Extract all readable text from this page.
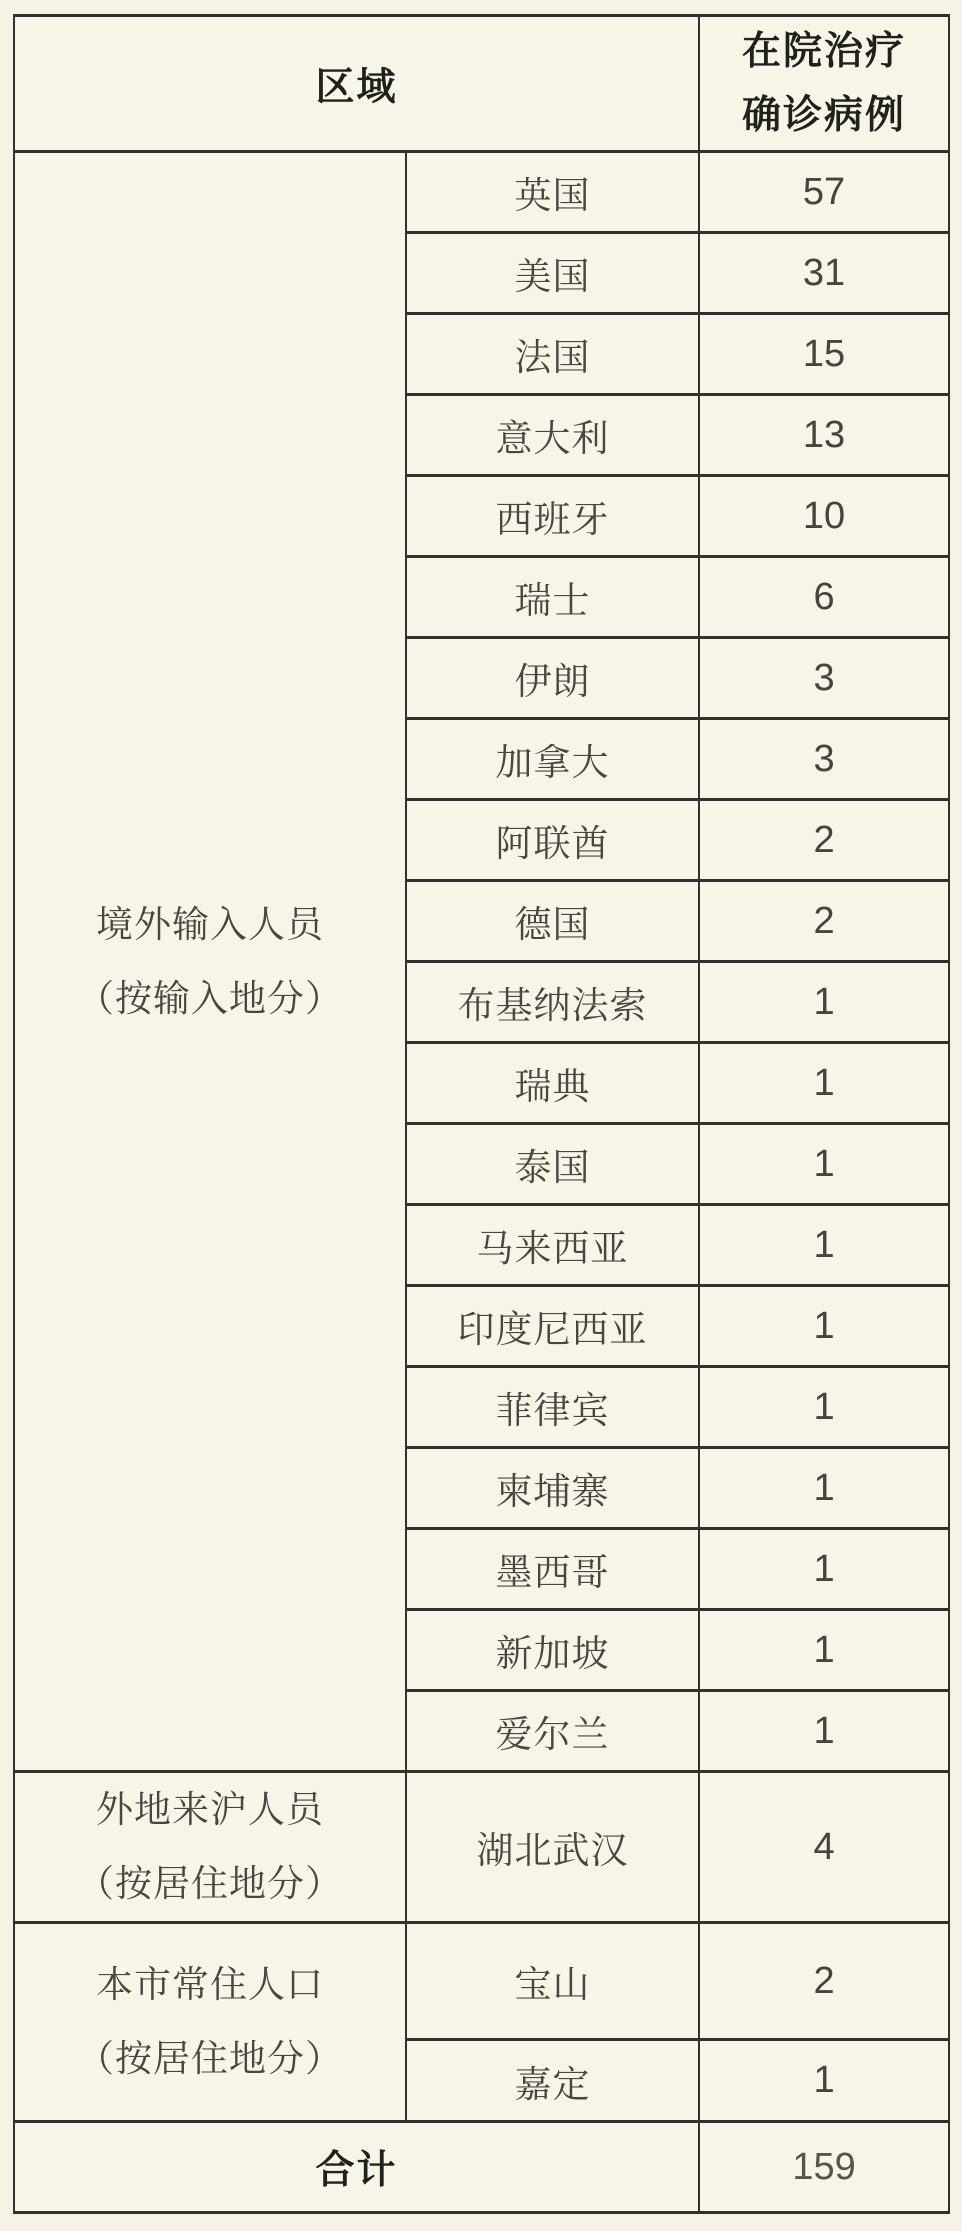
区域		在院治疗
确诊病例

境外输入人员
（按输入地分）	英国	57
	美国	31
	法国	15
	意大利	13
	西班牙	10
	瑞士	6
	伊朗	3
	加拿大	3
	阿联酋	2
	德国	2
	布基纳法索	1
	瑞典	1
	泰国	1
	马来西亚	1
	印度尼西亚	1
	菲律宾	1
	柬埔寨	1
	墨西哥	1
	新加坡	1
	爱尔兰	1

外地来沪人员
（按居住地分）	湖北武汉	4

本市常住人口
（按居住地分）	宝山	2
	嘉定	1
合计		159
